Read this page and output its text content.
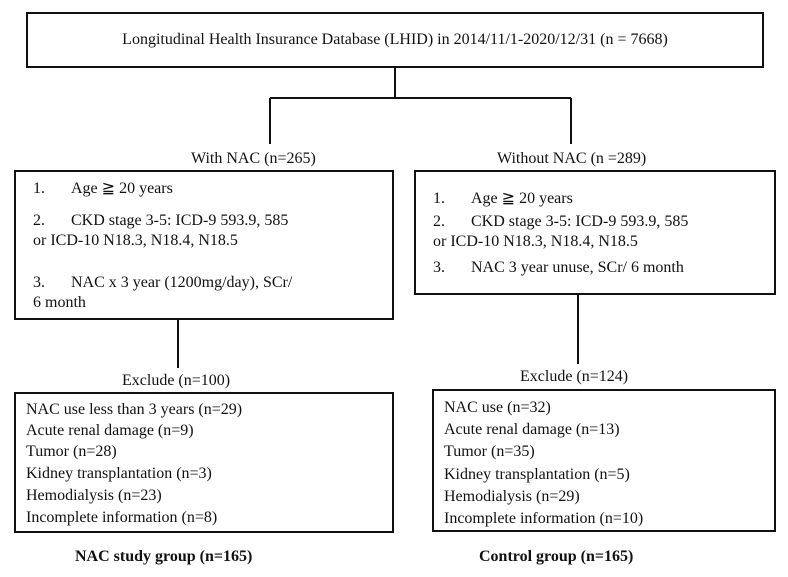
Longitudinal Health Insurance Database (LHID) in 2014/11/1-2020/12/31 (n = 7668)
With NAC (n=265)	Without NAC (n =289)
1. Age ≧ 20 years
2. CKD stage 3-5: ICD-9 593.9, 585
or ICD-10 N18.3, N18.4, N18.5
3. NAC x 3 year (1200mg/day), SCr/
6 month
1. Age ≧ 20 years
2. CKD stage 3-5: ICD-9 593.9, 585
or ICD-10 N18.3, N18.4, N18.5
3. NAC 3 year unuse, SCr/ 6 month
Exclude (n=100)	Exclude (n=124)
NAC use less than 3 years (n=29)
Acute renal damage (n=9)
Tumor (n=28)
Kidney transplantation (n=3)
Hemodialysis (n=23)
Incomplete information (n=8)
NAC use (n=32)
Acute renal damage (n=13)
Tumor (n=35)
Kidney transplantation (n=5)
Hemodialysis (n=29)
Incomplete information (n=10)
NAC study group (n=165)	Control group (n=165)
